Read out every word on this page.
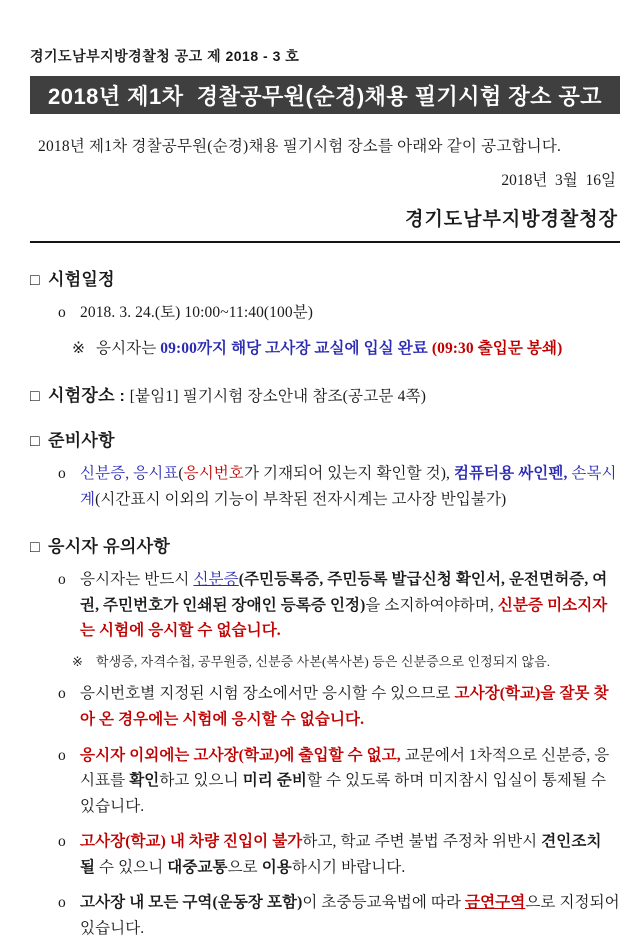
경기도남부지방경찰청 공고 제 2018 - 3 호
2018년 제1차  경찰공무원(순경)채용 필기시험 장소 공고

2018년 제1차 경찰공무원(순경)채용 필기시험 장소를 아래와 같이 공고합니다.

2018년  3월  16일
경기도남부지방경찰청장
□ 시험일정
o 2018. 3. 24.(토) 10:00~11:40(100분)
※ 응시자는 09:00까지 해당 고사장 교실에 입실 완료 (09:30 출입문 봉쇄)
□ 시험장소 : [붙임1] 필기시험 장소안내 참조(공고문 4쪽)
□ 준비사항
o 신분증, 응시표(응시번호가 기재되어 있는지 확인할 것), 컴퓨터용 싸인펜, 손목시계(시간표시 이외의 기능이 부착된 전자시계는 고사장 반입불가)
□ 응시자 유의사항
o 응시자는 반드시 신분증(주민등록증, 주민등록 발급신청 확인서, 운전면허증, 여권, 주민번호가 인쇄된 장애인 등록증 인정)을 소지하여야하며, 신분증 미소지자는 시험에 응시할 수 없습니다.
※	학생증, 자격수첩, 공무원증, 신분증 사본(복사본) 등은 신분증으로 인정되지 않음.
o 응시번호별 지정된 시험 장소에서만 응시할 수 있으므로 고사장(학교)을 잘못 찾아 온 경우에는 시험에 응시할 수 없습니다.
o 응시자 이외에는 고사장(학교)에 출입할 수 없고, 교문에서 1차적으로 신분증, 응시표를 확인하고 있으니 미리 준비할 수 있도록 하며 미지참시 입실이 통제될 수 있습니다.
o 고사장(학교) 내 차량 진입이 불가하고, 학교 주변 불법 주정차 위반시 견인조치 될 수 있으니 대중교통으로 이용하시기 바랍니다.
o 고사장 내 모든 구역(운동장 포함)이 초중등교육법에 따라 금연구역으로 지정되어 있습니다.
